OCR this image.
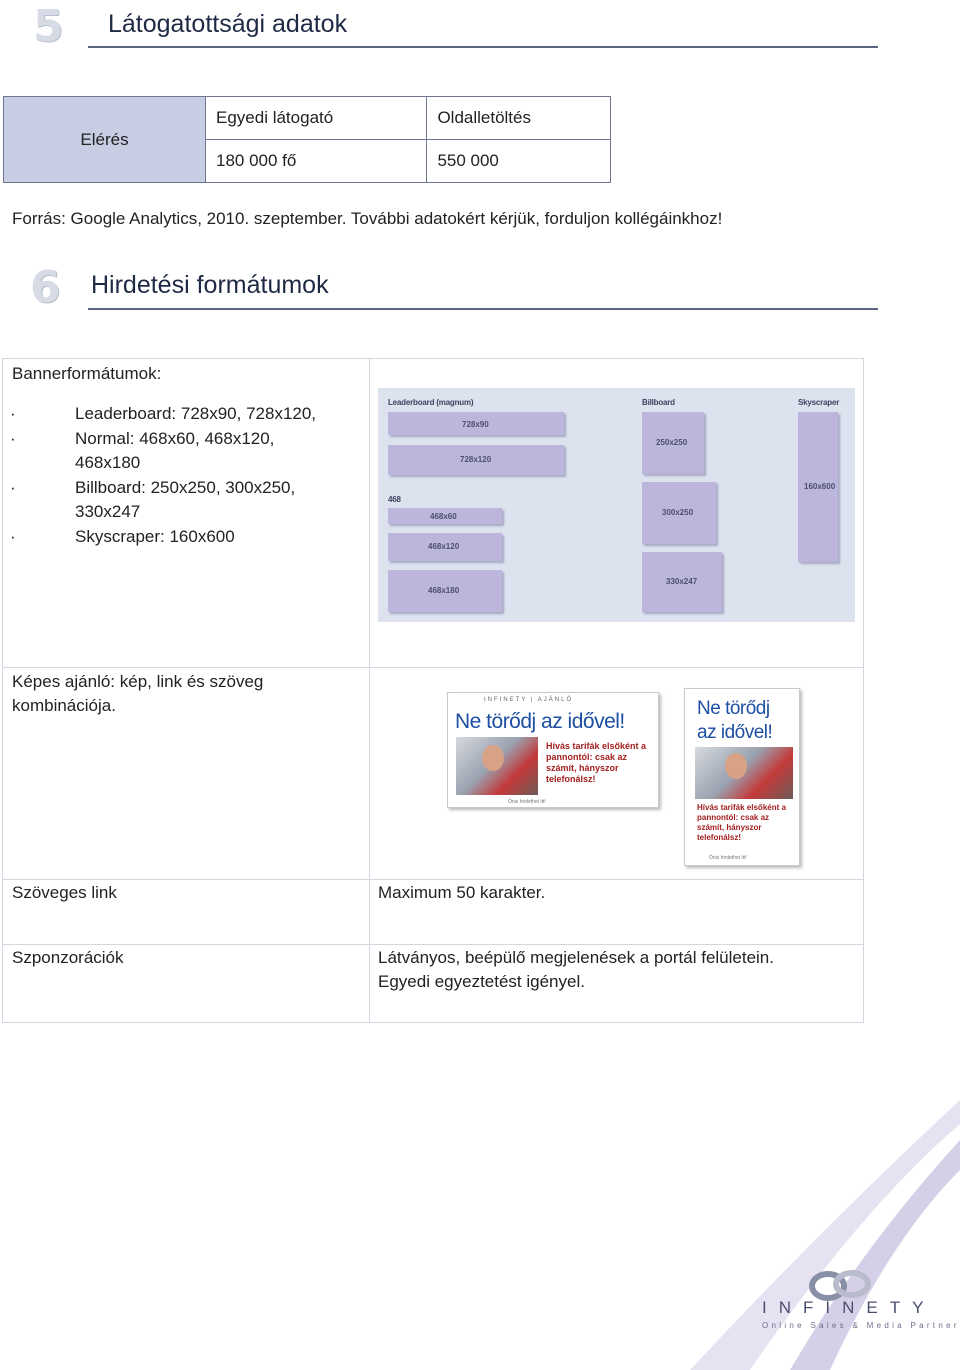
5 Látogatottsági adatok
Elérés	Egyedi látogató	Oldalletöltés
	180 000 fő	550 000
Forrás: Google Analytics, 2010. szeptember. További adatokért kérjük, forduljon kollégáinkhoz!
6 Hirdetési formátumok
Bannerformátumok:
· Leaderboard: 728x90, 728x120,
· Normal: 468x60, 468x120, 468x180
· Billboard: 250x250, 300x250, 330x247
· Skyscraper: 160x600
Leaderboard (magnum)	Billboard	Skyscraper
468
728x90
728x120
468x60
468x120
468x180
250x250
300x250
330x247
160x600
Képes ajánló: kép, link és szöveg kombinációja.	INFINETY | AJÁNLÓ
Ne törődj az idővel!
Hívás tarifák elsőként a pannontól: csak az számít, hányszor telefonálsz!
Önis hirdethet itt!
Ne törődj
az idővel!
Hívás tarifák elsőként a pannontól: csak az számít, hányszor telefonálsz!
Önis hirdethet itt!
Szöveges link	Maximum 50 karakter.
Szponzorációk	Látványos, beépülő megjelenések a portál felületein.
Egyedi egyeztetést igényel.
INFINETY
Online Sales & Media Partner
